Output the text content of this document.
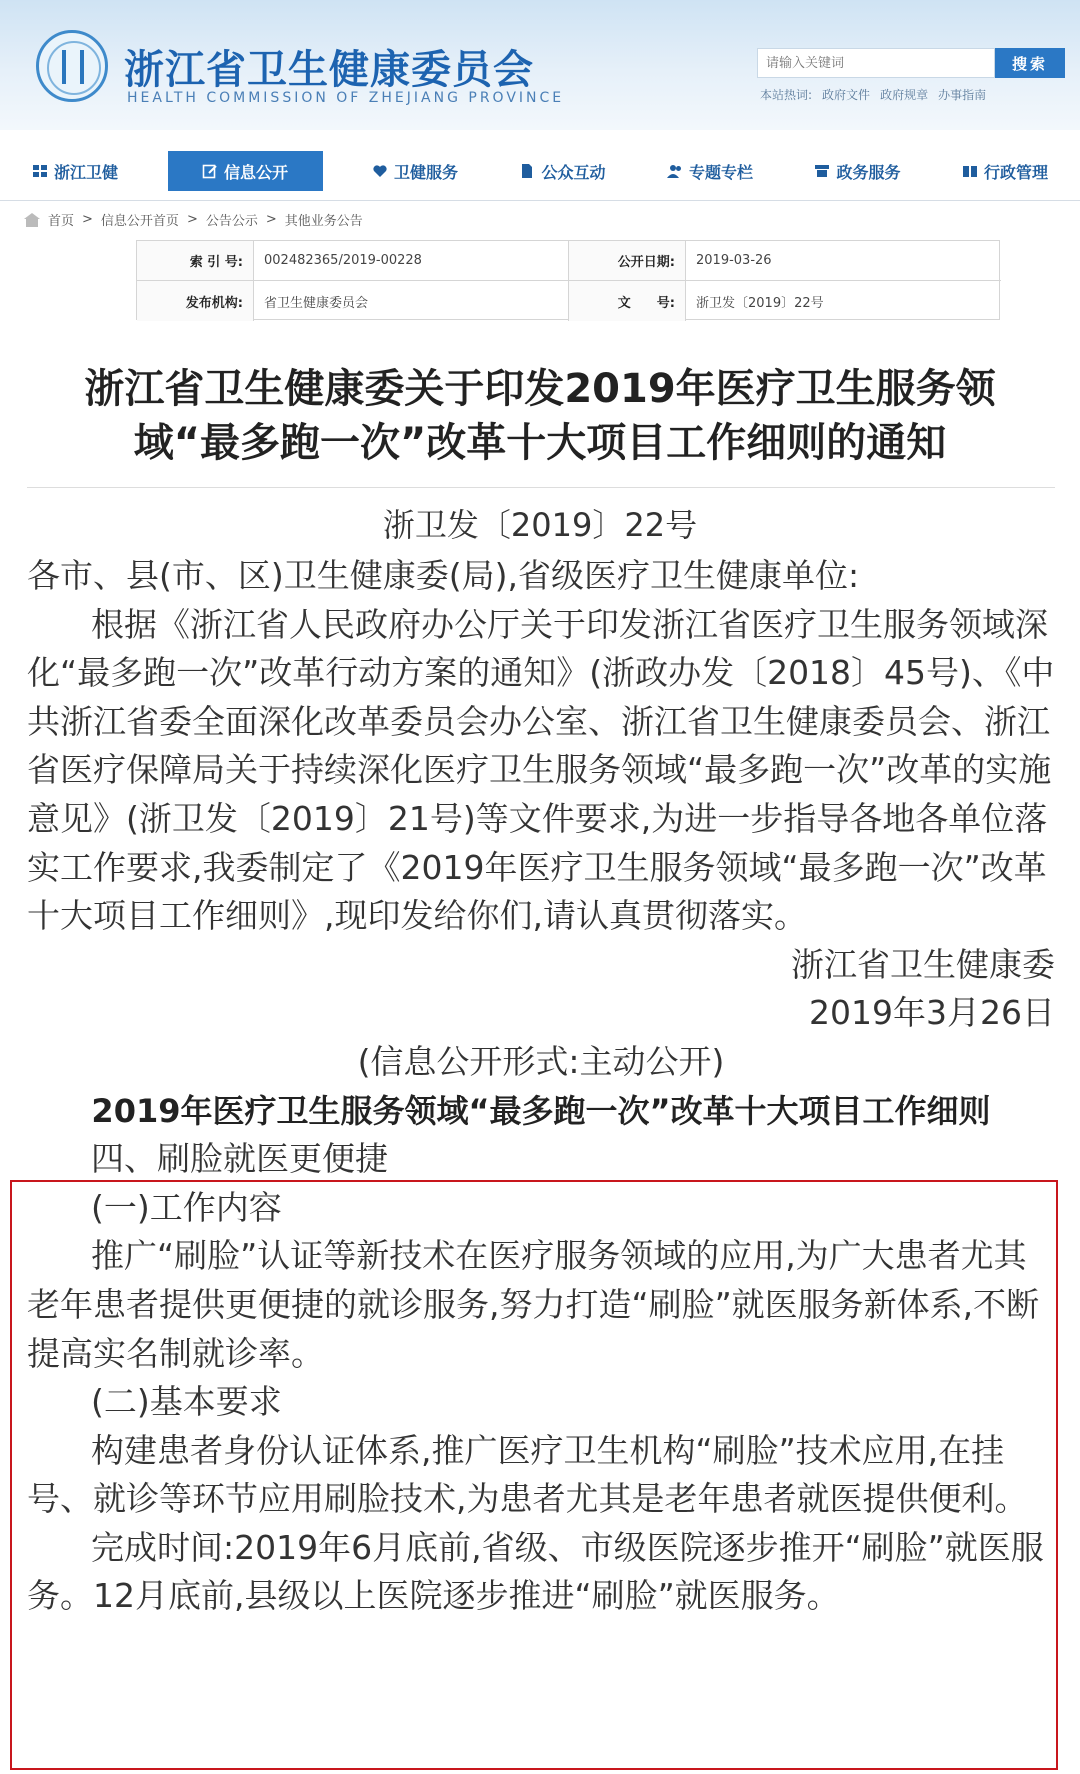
浙江省卫生健康委员会
HEALTH COMMISSION OF ZHEJIANG PROVINCE
请输入关键词
搜索
本站热词: 政府文件 政府规章 办事指南
浙江卫健	信息公开	卫健服务	公众互动	专题专栏	政务服务	行政管理
首页 > 信息公开首页 > 公告公示 > 其他业务公告
索 引 号:	002482365/2019-00228	公开日期:	2019-03-26
发布机构:	省卫生健康委员会	文　　号:	浙卫发〔2019〕22号
浙江省卫生健康委关于印发2019年医疗卫生服务领
域“最多跑一次”改革十大项目工作细则的通知
浙卫发〔2019〕22号

各市、县(市、区)卫生健康委(局),省级医疗卫生健康单位:

根据《浙江省人民政府办公厅关于印发浙江省医疗卫生服务领域深化“最多跑一次”改革行动方案的通知》(浙政办发〔2018〕45号)、《中共浙江省委全面深化改革委员会办公室、浙江省卫生健康委员会、浙江省医疗保障局关于持续深化医疗卫生服务领域“最多跑一次”改革的实施意见》(浙卫发〔2019〕21号)等文件要求,为进一步指导各地各单位落实工作要求,我委制定了《2019年医疗卫生服务领域“最多跑一次”改革十大项目工作细则》,现印发给你们,请认真贯彻落实。

浙江省卫生健康委

2019年3月26日

(信息公开形式:主动公开)

2019年医疗卫生服务领域“最多跑一次”改革十大项目工作细则

四、刷脸就医更便捷

(一)工作内容

推广“刷脸”认证等新技术在医疗服务领域的应用,为广大患者尤其老年患者提供更便捷的就诊服务,努力打造“刷脸”就医服务新体系,不断提高实名制就诊率。

(二)基本要求

构建患者身份认证体系,推广医疗卫生机构“刷脸”技术应用,在挂号、就诊等环节应用刷脸技术,为患者尤其是老年患者就医提供便利。

完成时间:2019年6月底前,省级、市级医院逐步推开“刷脸”就医服务。12月底前,县级以上医院逐步推进“刷脸”就医服务。
